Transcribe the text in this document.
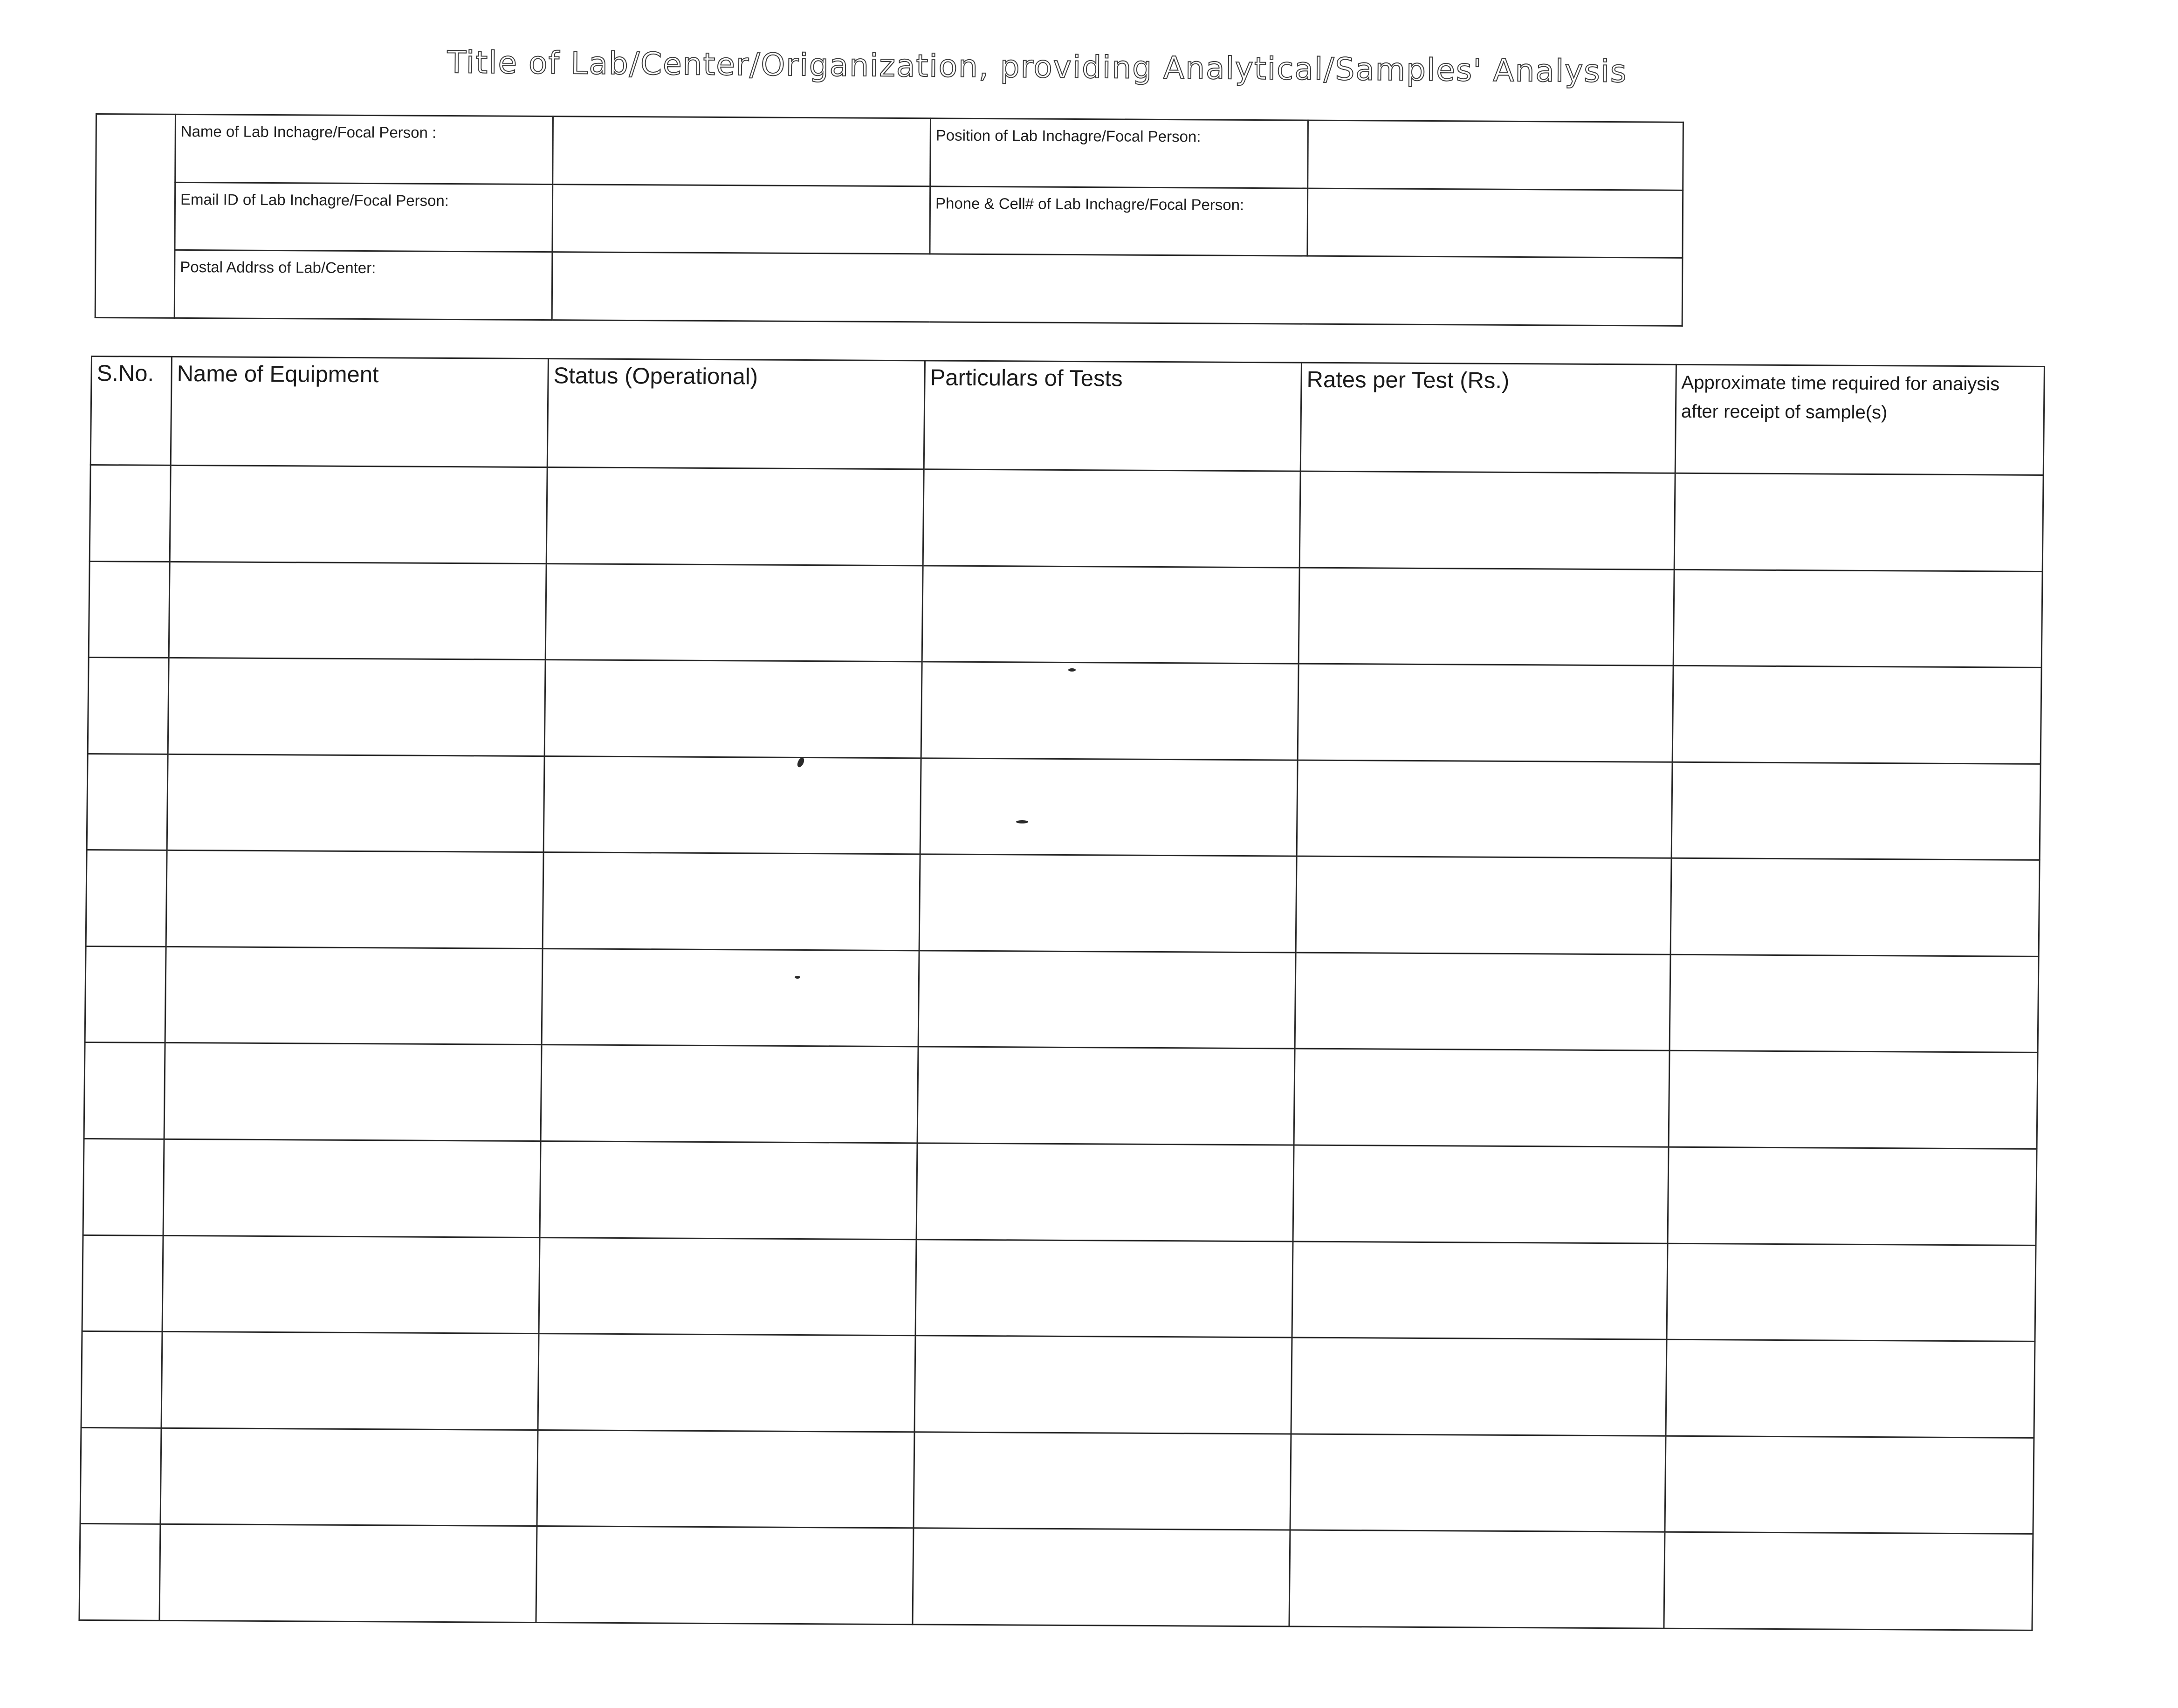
Title of Lab/Center/Origanization, providing Analytical/Samples' Analysis
	Name of Lab Inchagre/Focal Person :		Position of Lab Inchagre/Focal Person:	
	Email ID of Lab Inchagre/Focal Person:		Phone & Cell# of Lab Inchagre/Focal Person:	
	Postal Addrss of Lab/Center:			
S.No.	Name of Equipment	Status (Operational)	Particulars of Tests	Rates per Test (Rs.)	Approximate time required for anaiysis after receipt of sample(s)
